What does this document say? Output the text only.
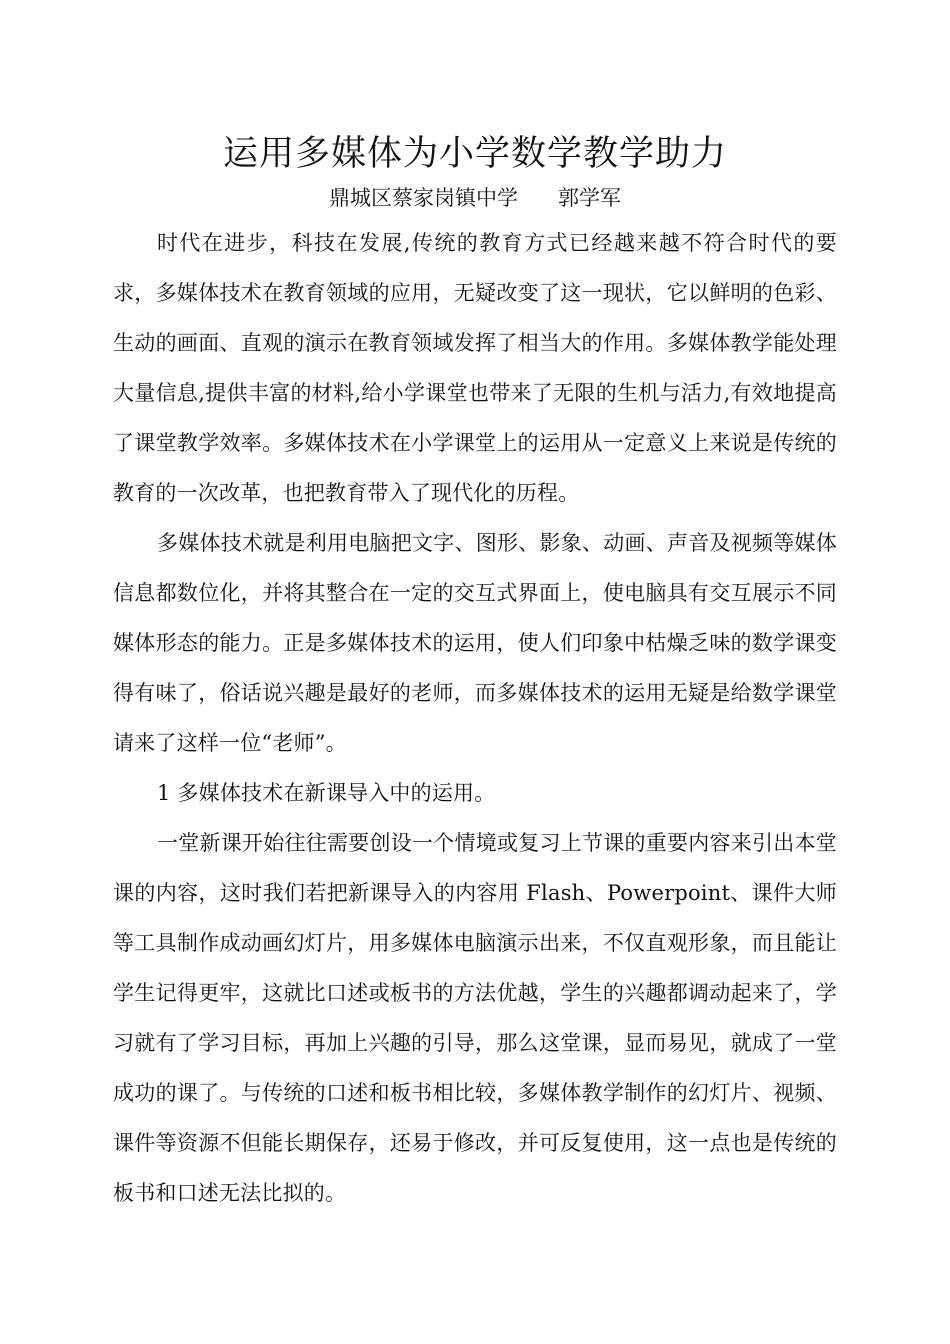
运用多媒体为小学数学教学助力

鼎城区蔡家岗镇中学      郭学军

时代在进步，科技在发展,传统的教育方式已经越来越不符合时代的要求，多媒体技术在教育领域的应用，无疑改变了这一现状，它以鲜明的色彩、生动的画面、直观的演示在教育领域发挥了相当大的作用。多媒体教学能处理大量信息,提供丰富的材料,给小学课堂也带来了无限的生机与活力,有效地提高了课堂教学效率。多媒体技术在小学课堂上的运用从一定意义上来说是传统的教育的一次改革，也把教育带入了现代化的历程。

多媒体技术就是利用电脑把文字、图形、影象、动画、声音及视频等媒体信息都数位化，并将其整合在一定的交互式界面上，使电脑具有交互展示不同媒体形态的能力。正是多媒体技术的运用，使人们印象中枯燥乏味的数学课变得有味了，俗话说兴趣是最好的老师，而多媒体技术的运用无疑是给数学课堂请来了这样一位“老师”。

1 多媒体技术在新课导入中的运用。

一堂新课开始往往需要创设一个情境或复习上节课的重要内容来引出本堂课的内容，这时我们若把新课导入的内容用 Flash、Powerpoint、课件大师等工具制作成动画幻灯片，用多媒体电脑演示出来，不仅直观形象，而且能让学生记得更牢，这就比口述或板书的方法优越，学生的兴趣都调动起来了，学习就有了学习目标，再加上兴趣的引导，那么这堂课，显而易见，就成了一堂成功的课了。与传统的口述和板书相比较，多媒体教学制作的幻灯片、视频、课件等资源不但能长期保存，还易于修改，并可反复使用，这一点也是传统的板书和口述无法比拟的。
